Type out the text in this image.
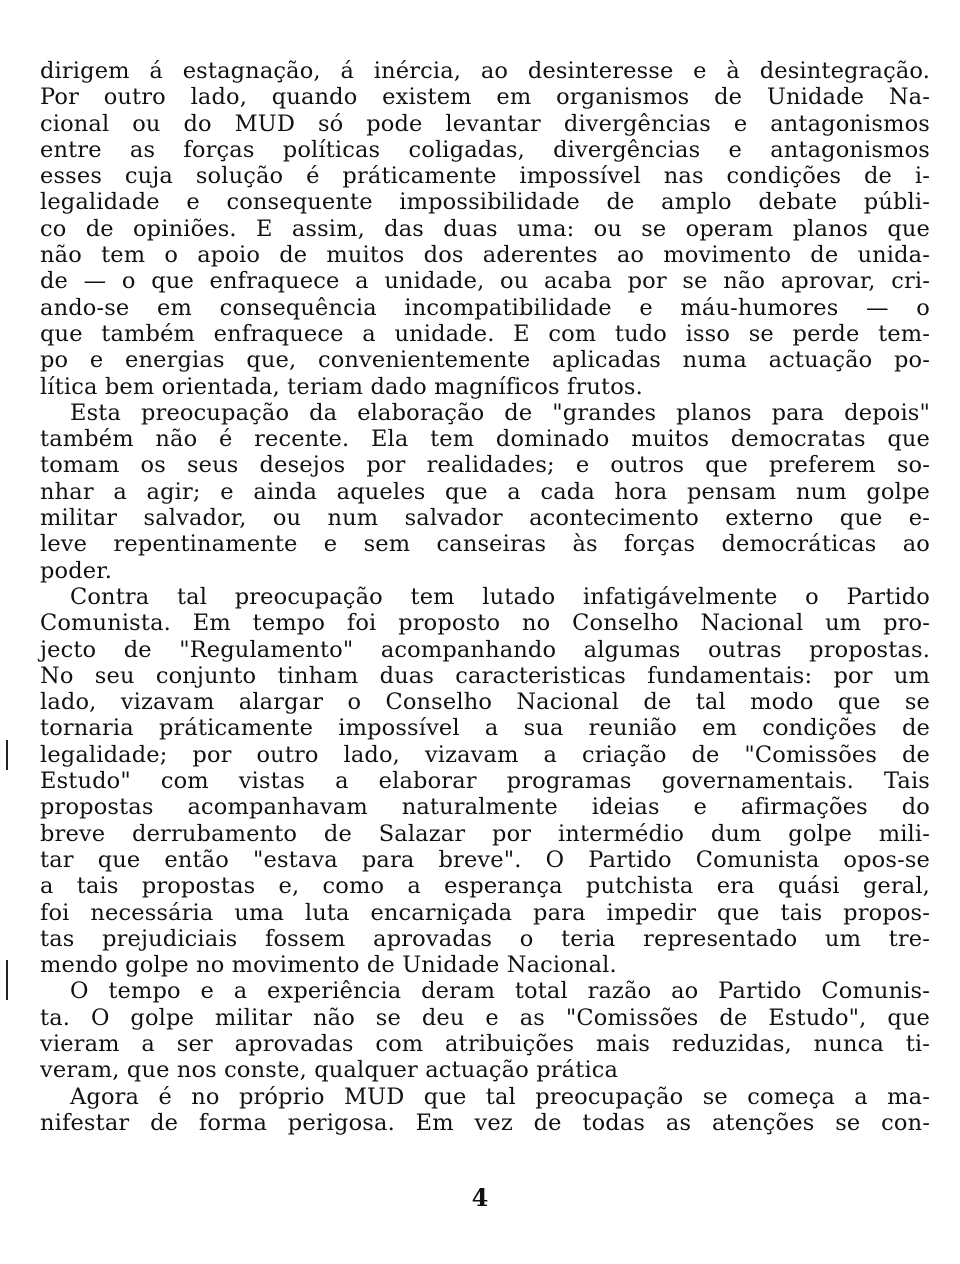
dirigem á estagnação, á inércia, ao desinteresse e à desintegração.
Por outro lado, quando existem em organismos de Unidade Na-
cional ou do MUD só pode levantar divergências e antagonismos
entre as forças políticas coligadas, divergências e antagonismos
esses cuja solução é práticamente impossível nas condições de i-
legalidade e consequente impossibilidade de amplo debate públi-
co de opiniões. E assim, das duas uma: ou se operam planos que
não tem o apoio de muitos dos aderentes ao movimento de unida-
de — o que enfraquece a unidade, ou acaba por se não aprovar, cri-
ando-se em consequência incompatibilidade e máu-humores — o
que também enfraquece a unidade. E com tudo isso se perde tem-
po e energias que, convenientemente aplicadas numa actuação po-
lítica bem orientada, teriam dado magníficos frutos.
Esta preocupação da elaboração de "grandes planos para depois"
também não é recente. Ela tem dominado muitos democratas que
tomam os seus desejos por realidades; e outros que preferem so-
nhar a agir; e ainda aqueles que a cada hora pensam num golpe
militar salvador, ou num salvador acontecimento externo que e-
leve repentinamente e sem canseiras às forças democráticas ao
poder.
Contra tal preocupação tem lutado infatigávelmente o Partido
Comunista. Em tempo foi proposto no Conselho Nacional um pro-
jecto de "Regulamento" acompanhando algumas outras propostas.
No seu conjunto tinham duas caracteristicas fundamentais: por um
lado, vizavam alargar o Conselho Nacional de tal modo que se
tornaria práticamente impossível a sua reunião em condições de
legalidade; por outro lado, vizavam a criação de "Comissões de
Estudo" com vistas a elaborar programas governamentais. Tais
propostas acompanhavam naturalmente ideias e afirmações do
breve derrubamento de Salazar por intermédio dum golpe mili-
tar que então "estava para breve". O Partido Comunista opos-se
a tais propostas e, como a esperança putchista era quási geral,
foi necessária uma luta encarniçada para impedir que tais propos-
tas prejudiciais fossem aprovadas o teria representado um tre-
mendo golpe no movimento de Unidade Nacional.
O tempo e a experiência deram total razão ao Partido Comunis-
ta. O golpe militar não se deu e as "Comissões de Estudo", que
vieram a ser aprovadas com atribuições mais reduzidas, nunca ti-
veram, que nos conste, qualquer actuação prática
Agora é no próprio MUD que tal preocupação se começa a ma-
nifestar de forma perigosa. Em vez de todas as atenções se con-
4
